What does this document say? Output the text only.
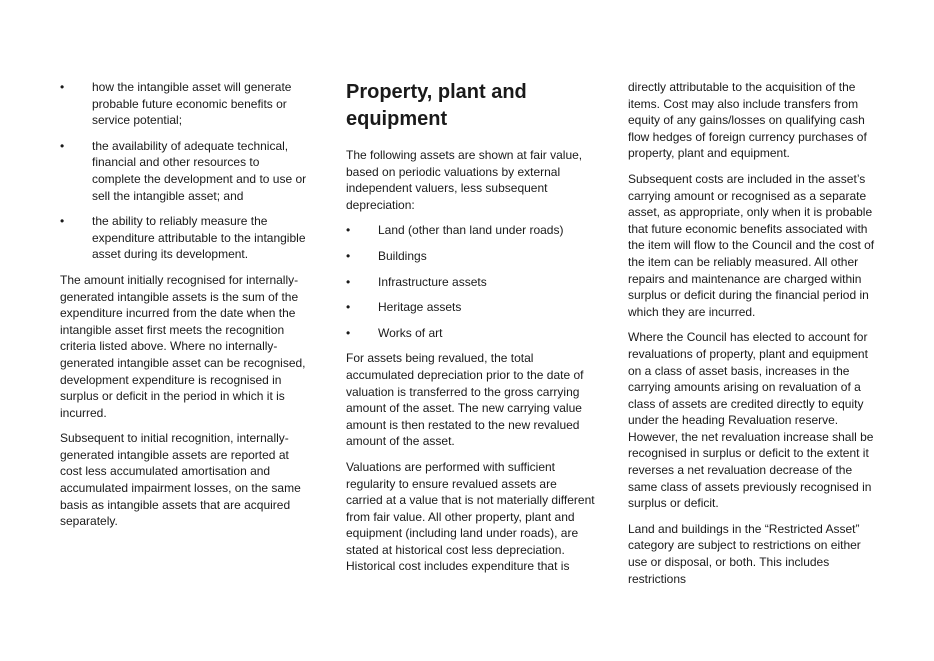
• how the intangible asset will generate probable future economic benefits or service potential;
• the availability of adequate technical, financial and other resources to complete the development and to use or sell the intangible asset; and
• the ability to reliably measure the expenditure attributable to the intangible asset during its development.

The amount initially recognised for internally-generated intangible assets is the sum of the expenditure incurred from the date when the intangible asset first meets the recognition criteria listed above. Where no internally-generated intangible asset can be recognised, development expenditure is recognised in surplus or deficit in the period in which it is incurred.

Subsequent to initial recognition, internally-generated intangible assets are reported at cost less accumulated amortisation and accumulated impairment losses, on the same basis as intangible assets that are acquired separately.

Property, plant and equipment

The following assets are shown at fair value, based on periodic valuations by external independent valuers, less subsequent depreciation:

• Land (other than land under roads)
• Buildings
• Infrastructure assets
• Heritage assets
• Works of art

For assets being revalued, the total accumulated depreciation prior to the date of valuation is transferred to the gross carrying amount of the asset. The new carrying value amount is then restated to the new revalued amount of the asset.

Valuations are performed with sufficient regularity to ensure revalued assets are carried at a value that is not materially different from fair value. All other property, plant and equipment (including land under roads), are stated at historical cost less depreciation. Historical cost includes expenditure that is

directly attributable to the acquisition of the items. Cost may also include transfers from equity of any gains/losses on qualifying cash flow hedges of foreign currency purchases of property, plant and equipment.

Subsequent costs are included in the asset’s carrying amount or recognised as a separate asset, as appropriate, only when it is probable that future economic benefits associated with the item will flow to the Council and the cost of the item can be reliably measured. All other repairs and maintenance are charged within surplus or deficit during the financial period in which they are incurred.

Where the Council has elected to account for revaluations of property, plant and equipment on a class of asset basis, increases in the carrying amounts arising on revaluation of a class of assets are credited directly to equity under the heading Revaluation reserve. However, the net revaluation increase shall be recognised in surplus or deficit to the extent it reverses a net revaluation decrease of the same class of assets previously recognised in surplus or deficit.

Land and buildings in the “Restricted Asset” category are subject to restrictions on either use or disposal, or both. This includes restrictions
